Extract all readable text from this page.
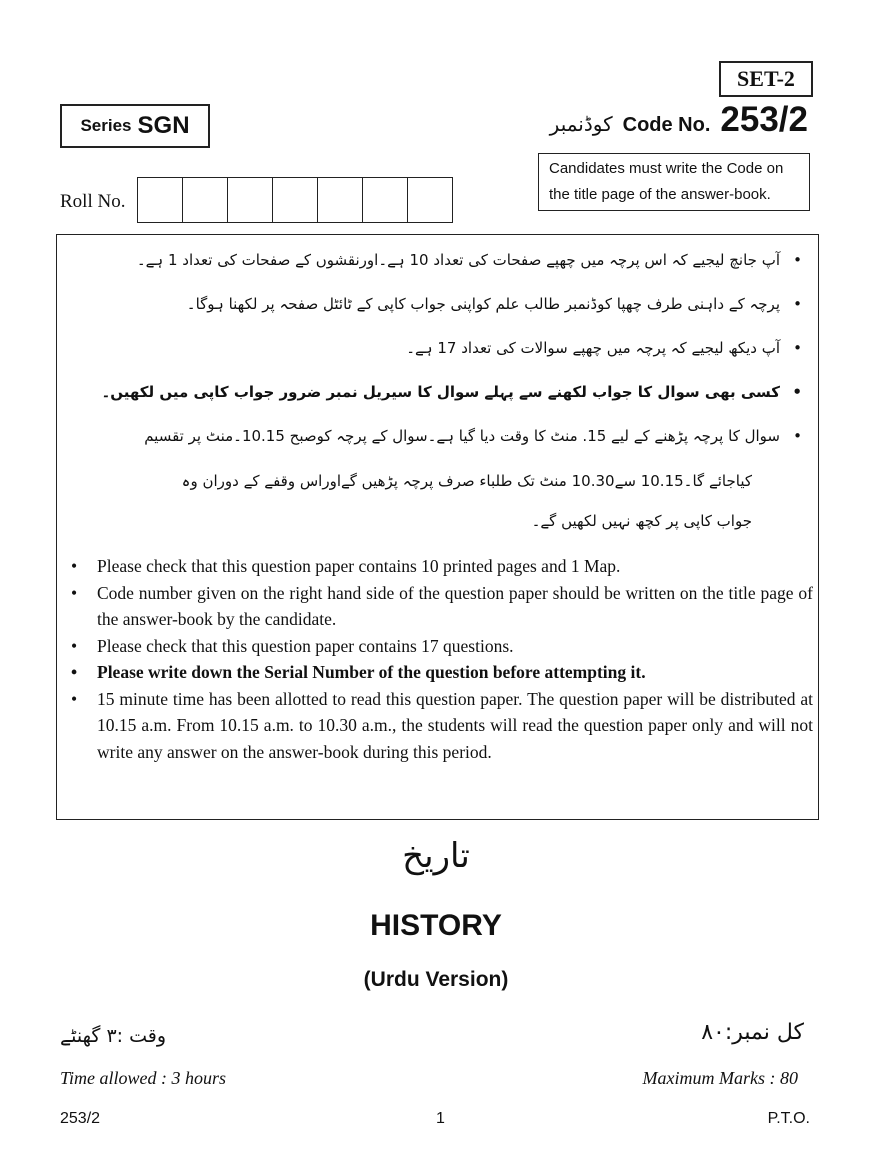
SET-2
Series SGN	کوڈنمبر Code No. 253/2
Candidates must write the Code on
the title page of the answer-book.
Roll No.
•
آپ جانچ لیجیے کہ اس پرچہ میں چھپے صفحات کی تعداد 10 ہے۔اورنقشوں کے صفحات کی تعداد 1 ہے۔
•
پرچہ کے داہنی طرف چھپا کوڈنمبر طالب علم کواپنی جواب کاپی کے ٹائٹل صفحہ پر لکھنا ہوگا۔
•
آپ دیکھ لیجیے کہ پرچہ میں چھپے سوالات کی تعداد 17 ہے۔
•
کسی بھی سوال کا جواب لکھنے سے پہلے سوال کا سیریل نمبر ضرور جواب کاپی میں لکھیں۔
•
سوال کا پرچہ پڑھنے کے لیے 15. منٹ کا وقت دیا گیا ہے۔سوال کے پرچہ کوصبح 10.15۔منٹ پر تقسیم
کیاجائے گا۔10.15 سے10.30 منٹ تک طلباء صرف پرچہ پڑھیں گےاوراس وقفے کے دوران وہ
جواب کاپی پر کچھ نہیں لکھیں گے۔
• Please check that this question paper contains 10 printed pages and 1 Map.
• Code number given on the right hand side of the question paper should be written on the title page of the answer-book by the candidate.
• Please check that this question paper contains 17 questions.
• Please write down the Serial Number of the question before attempting it.
• 15 minute time has been allotted to read this question paper. The question paper will be distributed at 10.15 a.m. From 10.15 a.m. to 10.30 a.m., the students will read the question paper only and will not write any answer on the answer-book during this period.
تاریخ
HISTORY
(Urdu Version)
وقت :۳ گھنٹے	کل نمبر:۸۰
Time allowed : 3 hours	Maximum Marks : 80
253/2	1	P.T.O.
